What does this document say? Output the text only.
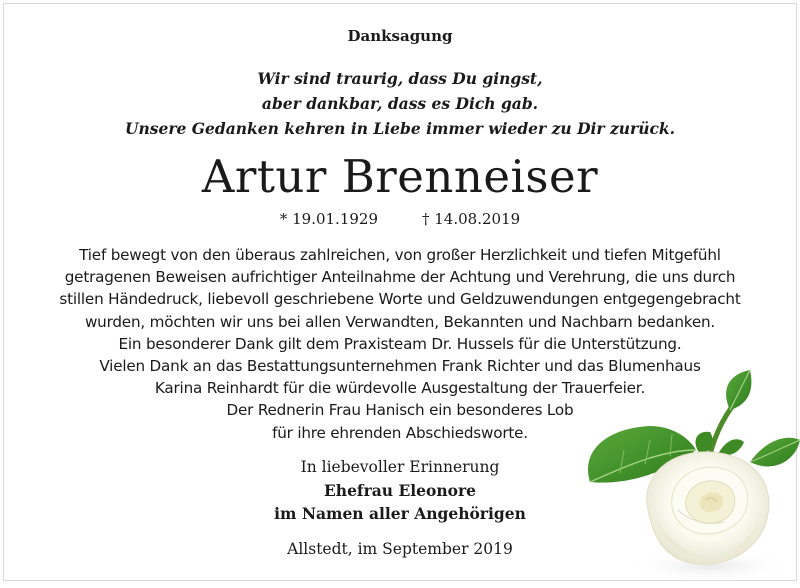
Danksagung
Wir sind traurig, dass Du gingst,
aber dankbar, dass es Dich gab.
Unsere Gedanken kehren in Liebe immer wieder zu Dir zurück.
Artur Brenneiser
* 19.01.1929	† 14.08.2019
Tief bewegt von den überaus zahlreichen, von großer Herzlichkeit und tiefen Mitgefühl
getragenen Beweisen aufrichtiger Anteilnahme der Achtung und Verehrung, die uns durch
stillen Händedruck, liebevoll geschriebene Worte und Geldzuwendungen entgegengebracht
wurden, möchten wir uns bei allen Verwandten, Bekannten und Nachbarn bedanken.
Ein besonderer Dank gilt dem Praxisteam Dr. Hussels für die Unterstützung.
Vielen Dank an das Bestattungsunternehmen Frank Richter und das Blumenhaus
Karina Reinhardt für die würdevolle Ausgestaltung der Trauerfeier.
Der Rednerin Frau Hanisch ein besonderes Lob
für ihre ehrenden Abschiedsworte.
In liebevoller Erinnerung
Ehefrau Eleonore
im Namen aller Angehörigen
Allstedt, im September 2019
